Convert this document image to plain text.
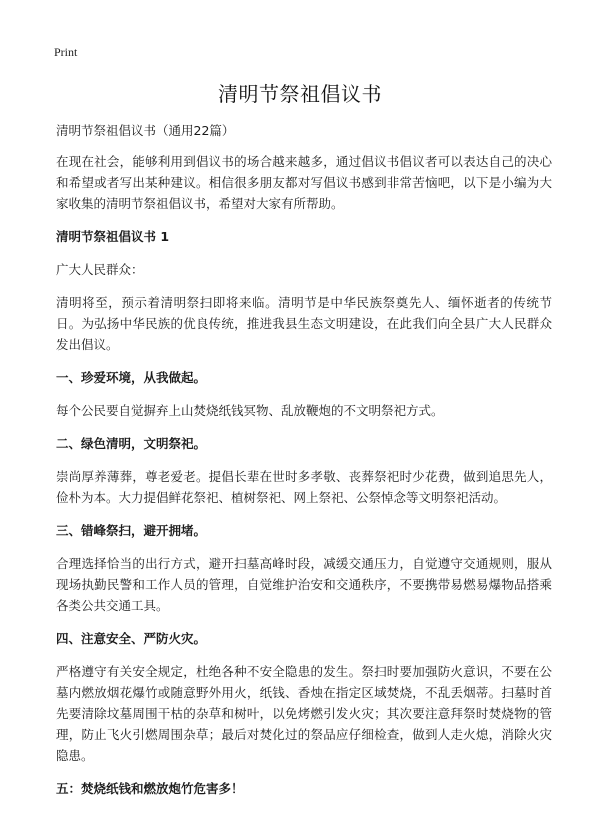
Print
清明节祭祖倡议书

清明节祭祖倡议书（通用22篇）

在现在社会，能够利用到倡议书的场合越来越多，通过倡议书倡议者可以表达自己的决心和希望或者写出某种建议。相信很多朋友都对写倡议书感到非常苦恼吧，以下是小编为大家收集的清明节祭祖倡议书，希望对大家有所帮助。

清明节祭祖倡议书 1

广大人民群众：

清明将至，预示着清明祭扫即将来临。清明节是中华民族祭奠先人、缅怀逝者的传统节日。为弘扬中华民族的优良传统，推进我县生态文明建设，在此我们向全县广大人民群众发出倡议。

一、珍爱环境，从我做起。

每个公民要自觉摒弃上山焚烧纸钱冥物、乱放鞭炮的不文明祭祀方式。

二、绿色清明，文明祭祀。

崇尚厚养薄葬，尊老爱老。提倡长辈在世时多孝敬、丧葬祭祀时少花费，做到追思先人，俭朴为本。大力提倡鲜花祭祀、植树祭祀、网上祭祀、公祭悼念等文明祭祀活动。

三、错峰祭扫，避开拥堵。

合理选择恰当的出行方式，避开扫墓高峰时段，减缓交通压力，自觉遵守交通规则，服从现场执勤民警和工作人员的管理，自觉维护治安和交通秩序，不要携带易燃易爆物品搭乘各类公共交通工具。

四、注意安全、严防火灾。

严格遵守有关安全规定，杜绝各种不安全隐患的发生。祭扫时要加强防火意识，不要在公墓内燃放烟花爆竹或随意野外用火，纸钱、香烛在指定区域焚烧，不乱丢烟蒂。扫墓时首先要清除坟墓周围干枯的杂草和树叶，以免烤燃引发火灾；其次要注意拜祭时焚烧物的管理，防止飞火引燃周围杂草；最后对焚化过的祭品应仔细检查，做到人走火熄，消除火灾隐患。

五：焚烧纸钱和燃放炮竹危害多！
